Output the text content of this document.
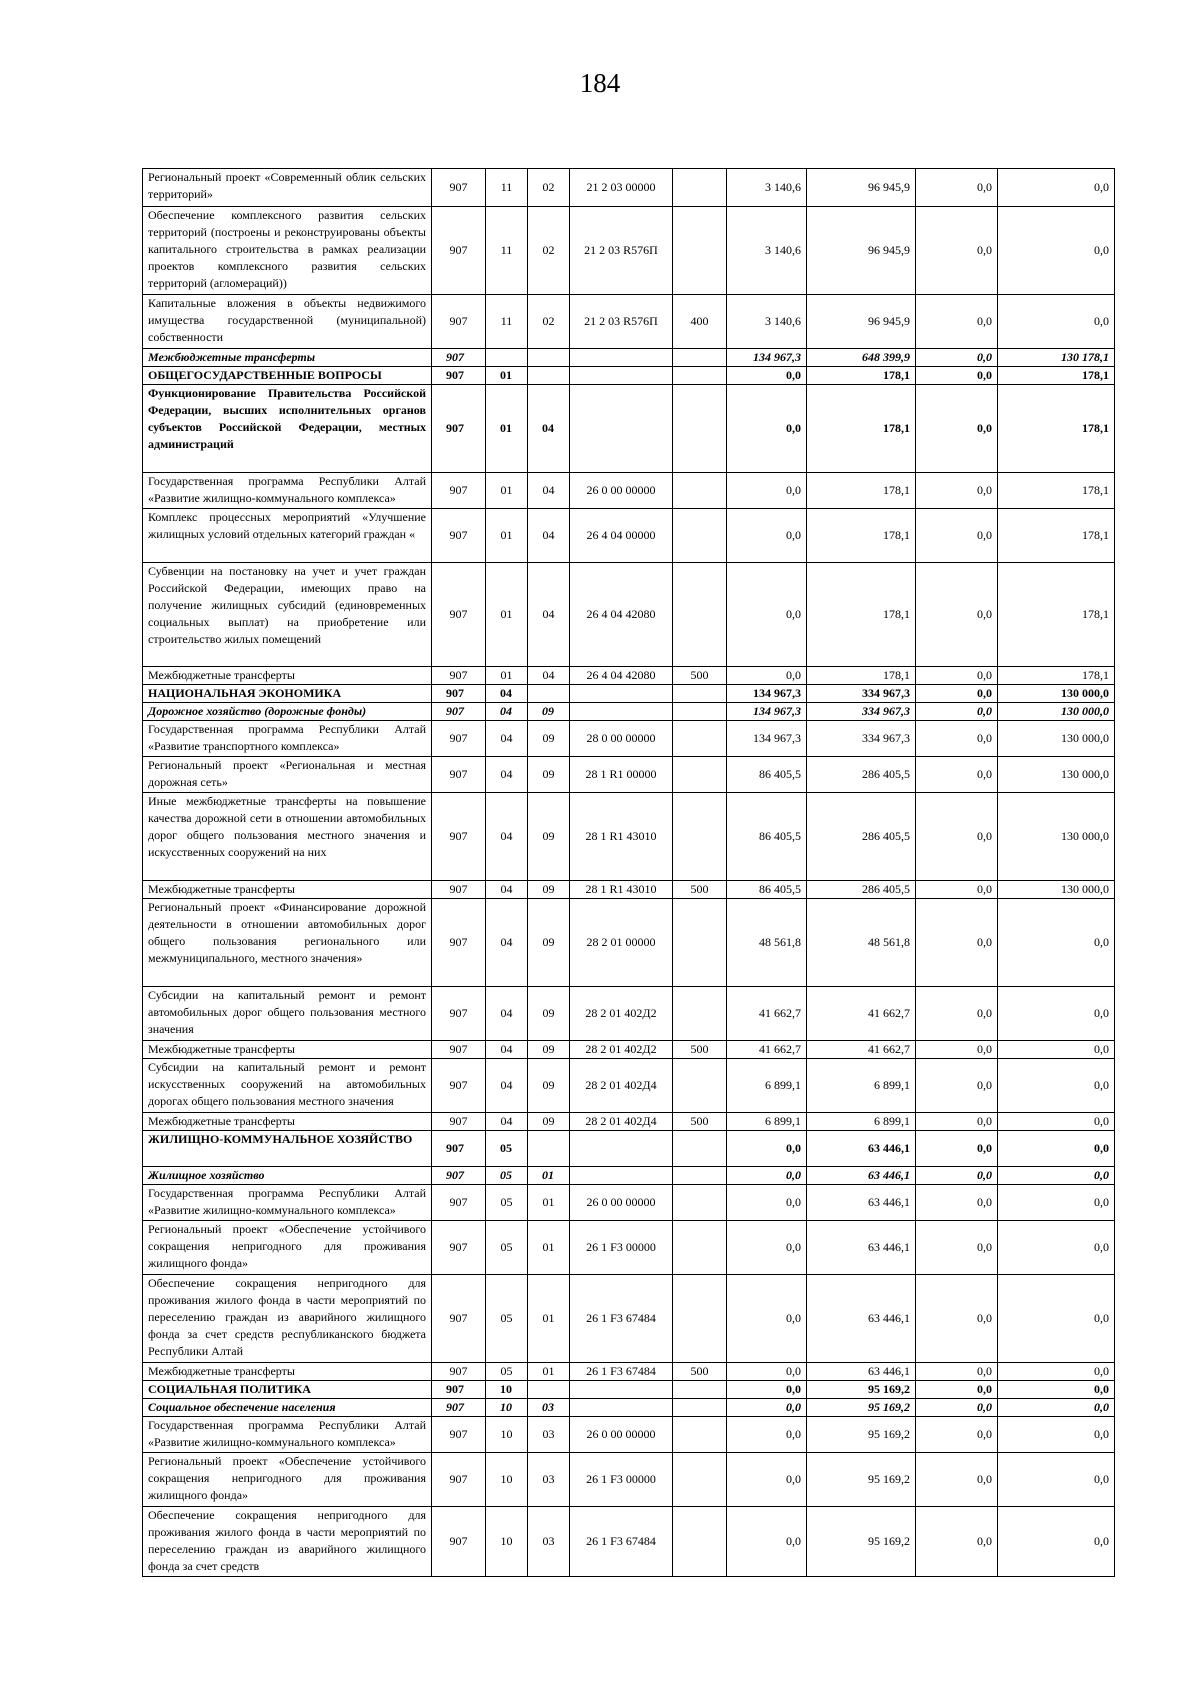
184
Региональный проект «Современный облик сельских территорий»	907	11	02	21 2 03 00000		3 140,6	96 945,9	0,0	0,0
Обеспечение комплексного развития сельских территорий (построены и реконструированы объекты капитального строительства в рамках реализации проектов комплексного развития сельских территорий (агломераций))	907	11	02	21 2 03 R576П		3 140,6	96 945,9	0,0	0,0
Капитальные вложения в объекты недвижимого имущества государственной (муниципальной) собственности	907	11	02	21 2 03 R576П	400	3 140,6	96 945,9	0,0	0,0
Межбюджетные трансферты	907					134 967,3	648 399,9	0,0	130 178,1
ОБЩЕГОСУДАРСТВЕННЫЕ ВОПРОСЫ	907	01				0,0	178,1	0,0	178,1
Функционирование Правительства Российской Федерации, высших исполнительных органов субъектов Российской Федерации, местных администраций	907	01	04			0,0	178,1	0,0	178,1
Государственная программа Республики Алтай «Развитие жилищно-коммунального комплекса»	907	01	04	26 0 00 00000		0,0	178,1	0,0	178,1
Комплекс процессных мероприятий «Улучшение жилищных условий отдельных категорий граждан «	907	01	04	26 4 04 00000		0,0	178,1	0,0	178,1
Субвенции на постановку на учет и учет граждан Российской Федерации, имеющих право на получение жилищных субсидий (единовременных социальных выплат) на приобретение или строительство жилых помещений	907	01	04	26 4 04 42080		0,0	178,1	0,0	178,1
Межбюджетные трансферты	907	01	04	26 4 04 42080	500	0,0	178,1	0,0	178,1
НАЦИОНАЛЬНАЯ ЭКОНОМИКА	907	04				134 967,3	334 967,3	0,0	130 000,0
Дорожное хозяйство (дорожные фонды)	907	04	09			134 967,3	334 967,3	0,0	130 000,0
Государственная программа Республики Алтай «Развитие транспортного комплекса»	907	04	09	28 0 00 00000		134 967,3	334 967,3	0,0	130 000,0
Региональный проект «Региональная и местная дорожная сеть»	907	04	09	28 1 R1 00000		86 405,5	286 405,5	0,0	130 000,0
Иные межбюджетные трансферты на повышение качества дорожной сети в отношении автомобильных дорог общего пользования местного значения и искусственных сооружений на них	907	04	09	28 1 R1 43010		86 405,5	286 405,5	0,0	130 000,0
Межбюджетные трансферты	907	04	09	28 1 R1 43010	500	86 405,5	286 405,5	0,0	130 000,0
Региональный проект «Финансирование дорожной деятельности в отношении автомобильных дорог общего пользования регионального или межмуниципального, местного значения»	907	04	09	28 2 01 00000		48 561,8	48 561,8	0,0	0,0
Субсидии на капитальный ремонт и ремонт автомобильных дорог общего пользования местного значения	907	04	09	28 2 01 402Д2		41 662,7	41 662,7	0,0	0,0
Межбюджетные трансферты	907	04	09	28 2 01 402Д2	500	41 662,7	41 662,7	0,0	0,0
Субсидии на капитальный ремонт и ремонт искусственных сооружений на автомобильных дорогах общего пользования местного значения	907	04	09	28 2 01 402Д4		6 899,1	6 899,1	0,0	0,0
Межбюджетные трансферты	907	04	09	28 2 01 402Д4	500	6 899,1	6 899,1	0,0	0,0
ЖИЛИЩНО-КОММУНАЛЬНОЕ ХОЗЯЙСТВО	907	05				0,0	63 446,1	0,0	0,0
Жилищное хозяйство	907	05	01			0,0	63 446,1	0,0	0,0
Государственная программа Республики Алтай «Развитие жилищно-коммунального комплекса»	907	05	01	26 0 00 00000		0,0	63 446,1	0,0	0,0
Региональный проект «Обеспечение устойчивого сокращения непригодного для проживания жилищного фонда»	907	05	01	26 1 F3 00000		0,0	63 446,1	0,0	0,0
Обеспечение сокращения непригодного для проживания жилого фонда в части мероприятий по переселению граждан из аварийного жилищного фонда за счет средств республиканского бюджета Республики Алтай	907	05	01	26 1 F3 67484		0,0	63 446,1	0,0	0,0
Межбюджетные трансферты	907	05	01	26 1 F3 67484	500	0,0	63 446,1	0,0	0,0
СОЦИАЛЬНАЯ ПОЛИТИКА	907	10				0,0	95 169,2	0,0	0,0
Социальное обеспечение населения	907	10	03			0,0	95 169,2	0,0	0,0
Государственная программа Республики Алтай «Развитие жилищно-коммунального комплекса»	907	10	03	26 0 00 00000		0,0	95 169,2	0,0	0,0
Региональный проект «Обеспечение устойчивого сокращения непригодного для проживания жилищного фонда»	907	10	03	26 1 F3 00000		0,0	95 169,2	0,0	0,0
Обеспечение сокращения непригодного для проживания жилого фонда в части мероприятий по переселению граждан из аварийного жилищного фонда за счет средств	907	10	03	26 1 F3 67484		0,0	95 169,2	0,0	0,0
